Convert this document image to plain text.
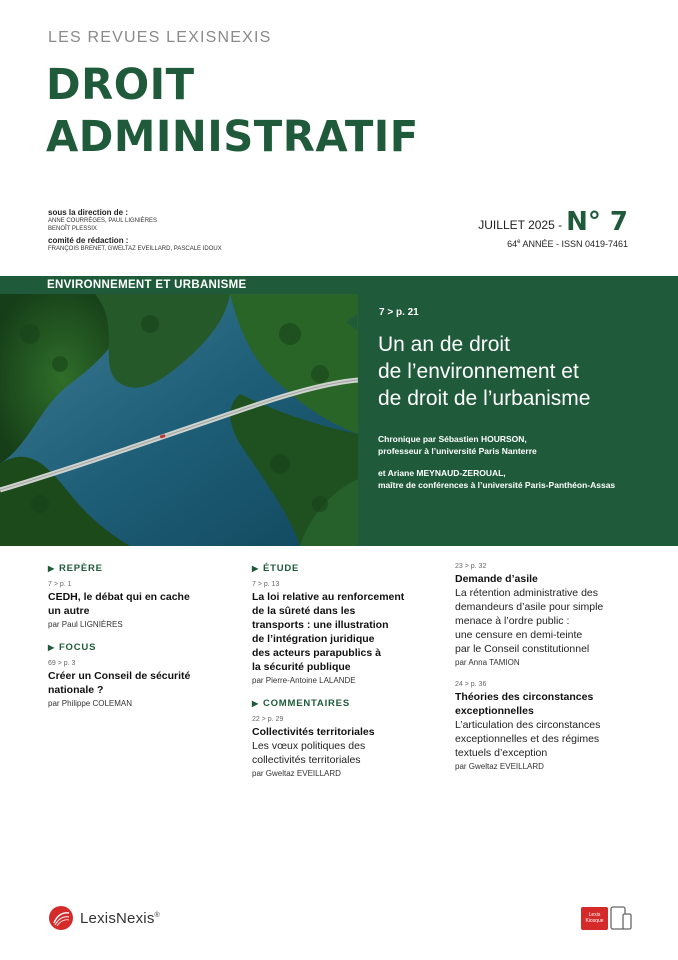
LES REVUES LEXISNEXIS
DROIT
ADMINISTRATIF
sous la direction de :
ANNE COURRÈGES, PAUL LIGNIÈRES
BENOÎT PLESSIX
comité de rédaction :
FRANÇOIS BRENET, GWELTAZ EVEILLARD, PASCALE IDOUX
JUILLET 2025 - N° 7
64e ANNÉE - ISSN 0419-7461
ENVIRONNEMENT ET URBANISME
7 > p. 21
Un an de droit
de l’environnement et
de droit de l’urbanisme
Chronique par Sébastien HOURSON,
professeur à l’université Paris Nanterre
et Ariane MEYNAUD-ZEROUAL,
maître de conférences à l’université Paris-Panthéon-Assas
▶ REPÈRE
7 > p. 1
CEDH, le débat qui en cache
un autre
par Paul LIGNIÈRES
▶ FOCUS
69 > p. 3
Créer un Conseil de sécurité
nationale ?
par Philippe COLEMAN
▶ ÉTUDE
7 > p. 13
La loi relative au renforcement
de la sûreté dans les
transports : une illustration
de l’intégration juridique
des acteurs parapublics à
la sécurité publique
par Pierre-Antoine LALANDE
▶ COMMENTAIRES
22 > p. 29
Collectivités territoriales
Les vœux politiques des
collectivités territoriales
par Gweltaz EVEILLARD
23 > p. 32
Demande d’asile
La rétention administrative des
demandeurs d’asile pour simple
menace à l’ordre public :
une censure en demi-teinte
par le Conseil constitutionnel
par Anna TAMION
24 > p. 36
Théories des circonstances
exceptionnelles
L’articulation des circonstances
exceptionnelles et des régimes
textuels d’exception
par Gweltaz EVEILLARD
LexisNexis®	Lexis
Kiosque
